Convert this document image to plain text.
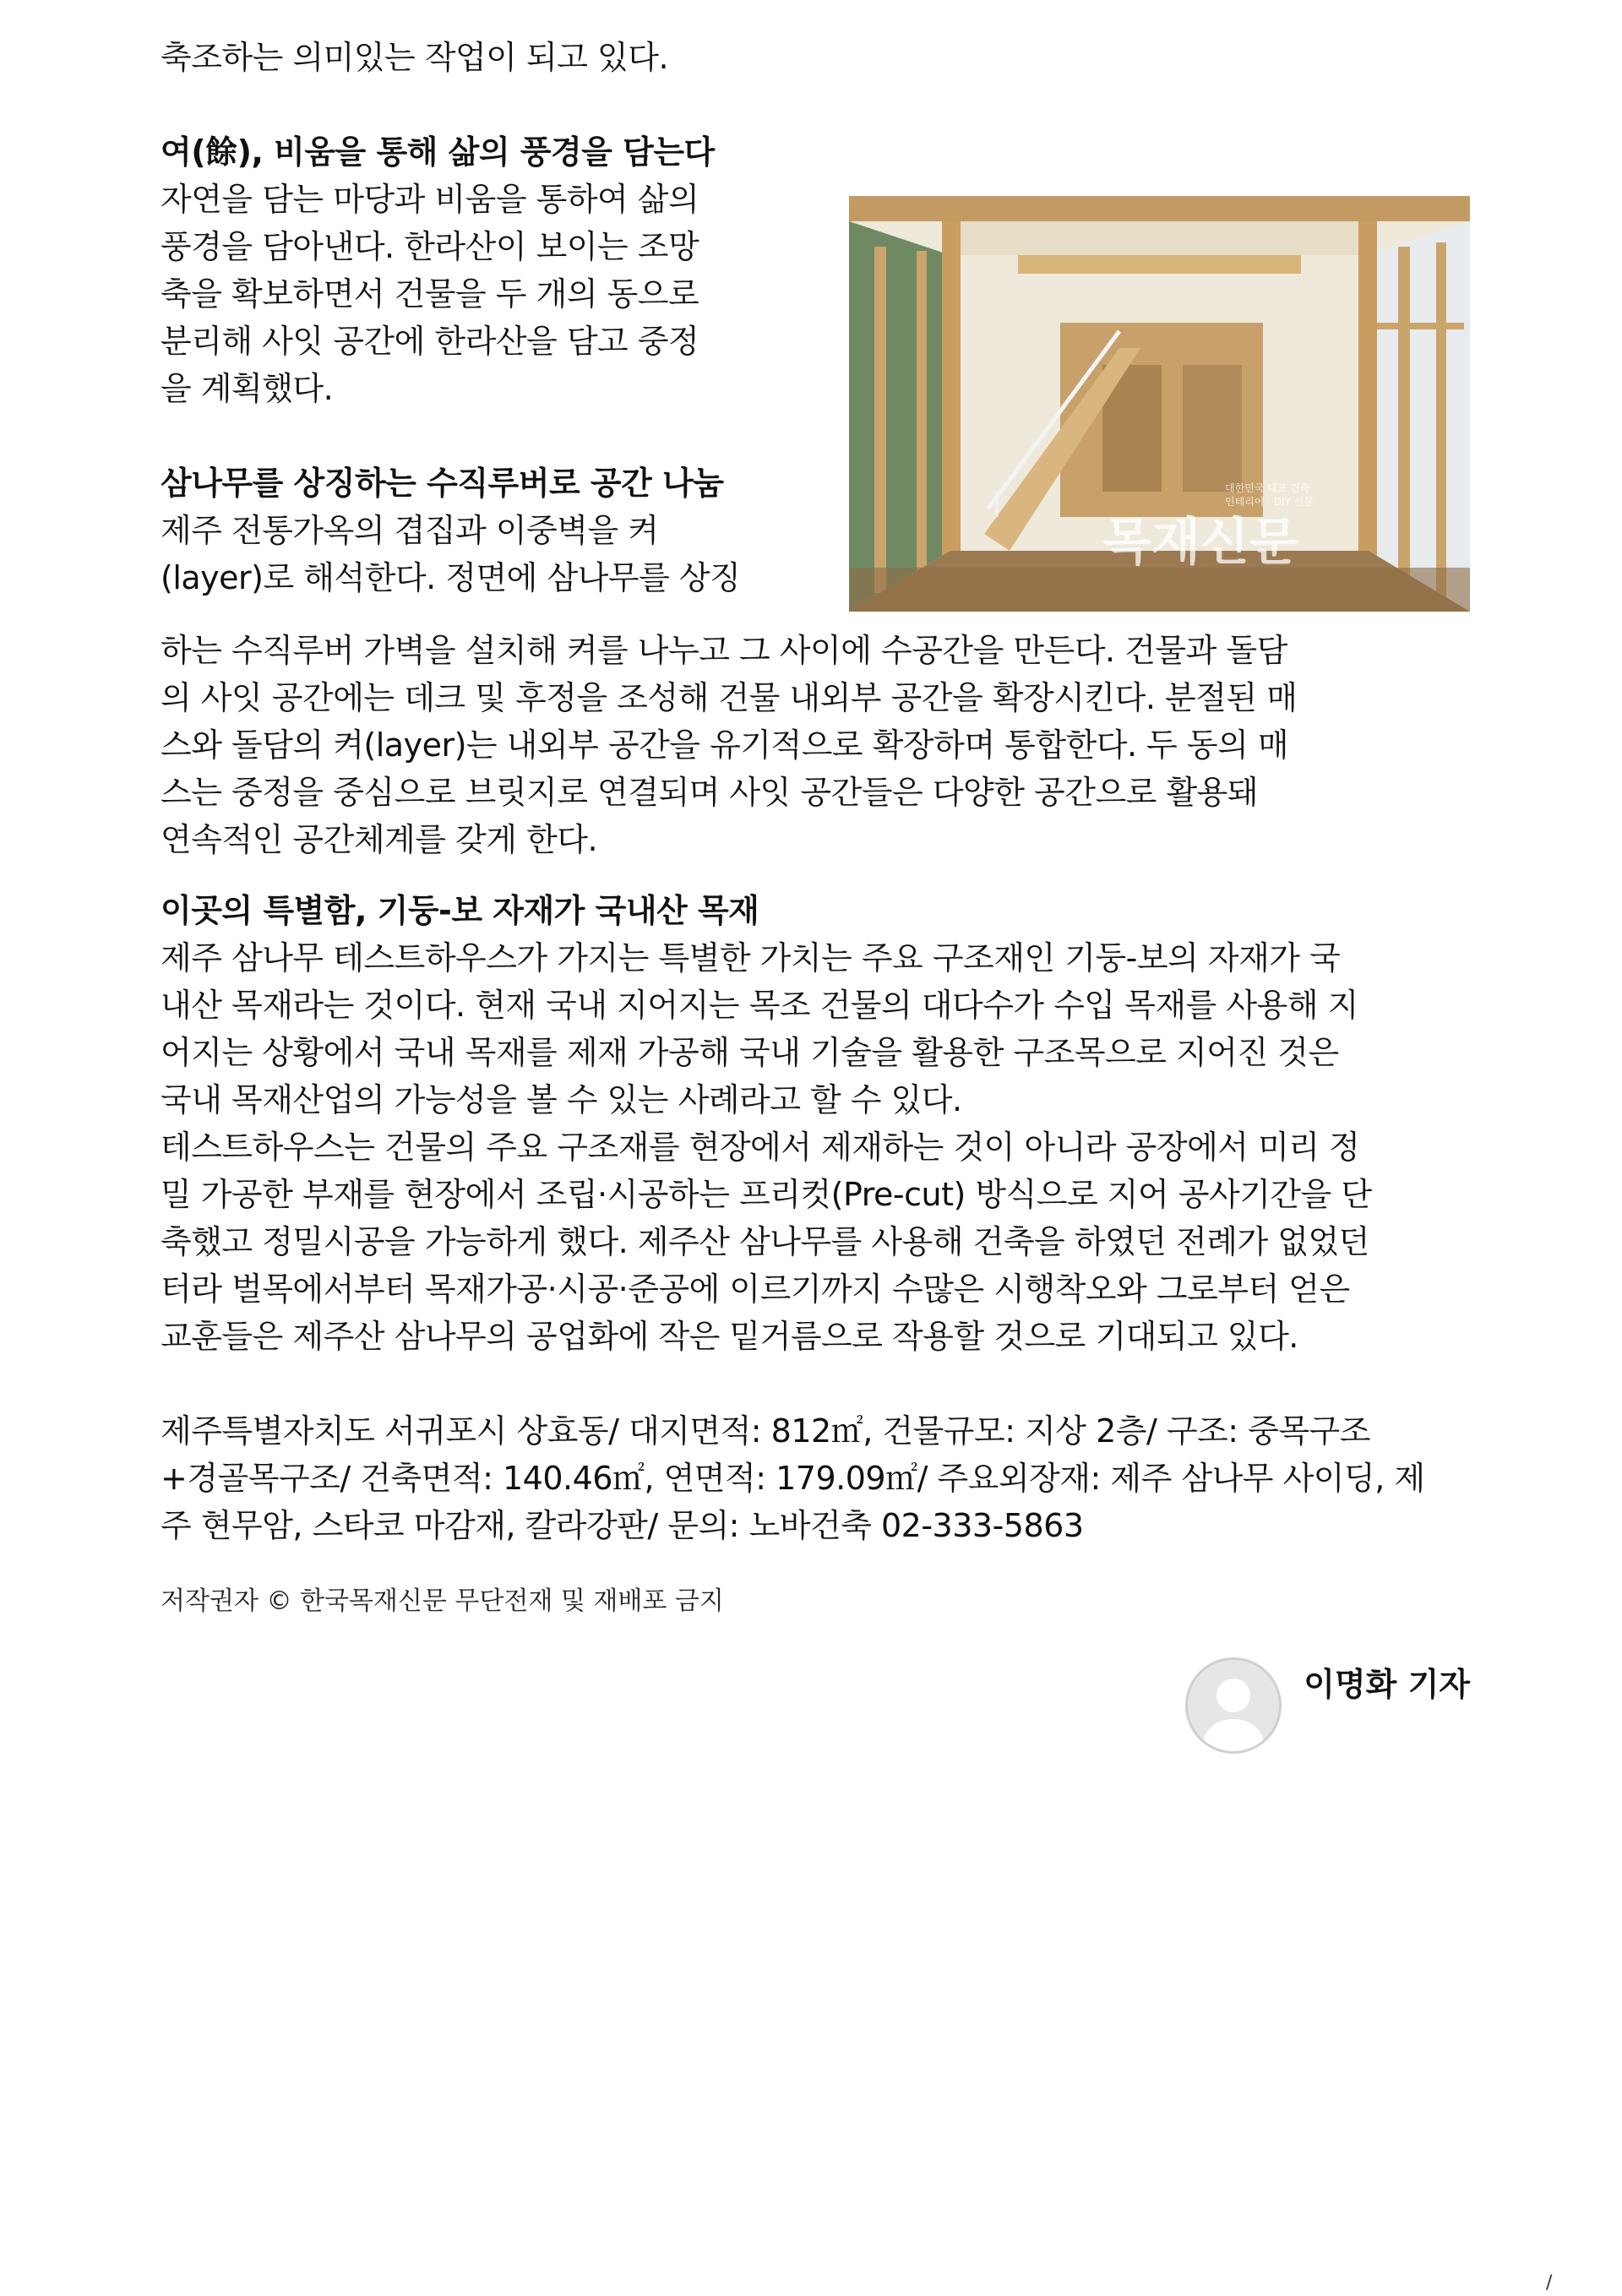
축조하는 의미있는 작업이 되고 있다.

여(餘), 비움을 통해 삶의 풍경을 담는다
목재신문
대한민국 대표 건축
인테리어 · DIY 신문

자연을 담는 마당과 비움을 통하여 삶의

풍경을 담아낸다. 한라산이 보이는 조망

축을 확보하면서 건물을 두 개의 동으로

분리해 사잇 공간에 한라산을 담고 중정

을 계획했다.

삼나무를 상징하는 수직루버로 공간 나눔

제주 전통가옥의 겹집과 이중벽을 켜

(layer)로 해석한다. 정면에 삼나무를 상징

하는 수직루버 가벽을 설치해 켜를 나누고 그 사이에 수공간을 만든다. 건물과 돌담

의 사잇 공간에는 데크 및 후정을 조성해 건물 내외부 공간을 확장시킨다. 분절된 매

스와 돌담의 켜(layer)는 내외부 공간을 유기적으로 확장하며 통합한다. 두 동의 매

스는 중정을 중심으로 브릿지로 연결되며 사잇 공간들은 다양한 공간으로 활용돼

연속적인 공간체계를 갖게 한다.

이곳의 특별함, 기둥-보 자재가 국내산 목재

제주 삼나무 테스트하우스가 가지는 특별한 가치는 주요 구조재인 기둥-보의 자재가 국

내산 목재라는 것이다. 현재 국내 지어지는 목조 건물의 대다수가 수입 목재를 사용해 지

어지는 상황에서 국내 목재를 제재 가공해 국내 기술을 활용한 구조목으로 지어진 것은

국내 목재산업의 가능성을 볼 수 있는 사례라고 할 수 있다.

테스트하우스는 건물의 주요 구조재를 현장에서 제재하는 것이 아니라 공장에서 미리 정

밀 가공한 부재를 현장에서 조립·시공하는 프리컷(Pre-cut) 방식으로 지어 공사기간을 단

축했고 정밀시공을 가능하게 했다. 제주산 삼나무를 사용해 건축을 하였던 전례가 없었던

터라 벌목에서부터 목재가공·시공·준공에 이르기까지 수많은 시행착오와 그로부터 얻은

교훈들은 제주산 삼나무의 공업화에 작은 밑거름으로 작용할 것으로 기대되고 있다.

제주특별자치도 서귀포시 상효동/ 대지면적: 812㎡, 건물규모: 지상 2층/ 구조: 중목구조

+경골목구조/ 건축면적: 140.46㎡, 연면적: 179.09㎡/ 주요외장재: 제주 삼나무 사이딩, 제

주 현무암, 스타코 마감재, 칼라강판/ 문의: 노바건축 02-333-5863

저작권자 © 한국목재신문 무단전재 및 재배포 금지

이명화 기자
/
